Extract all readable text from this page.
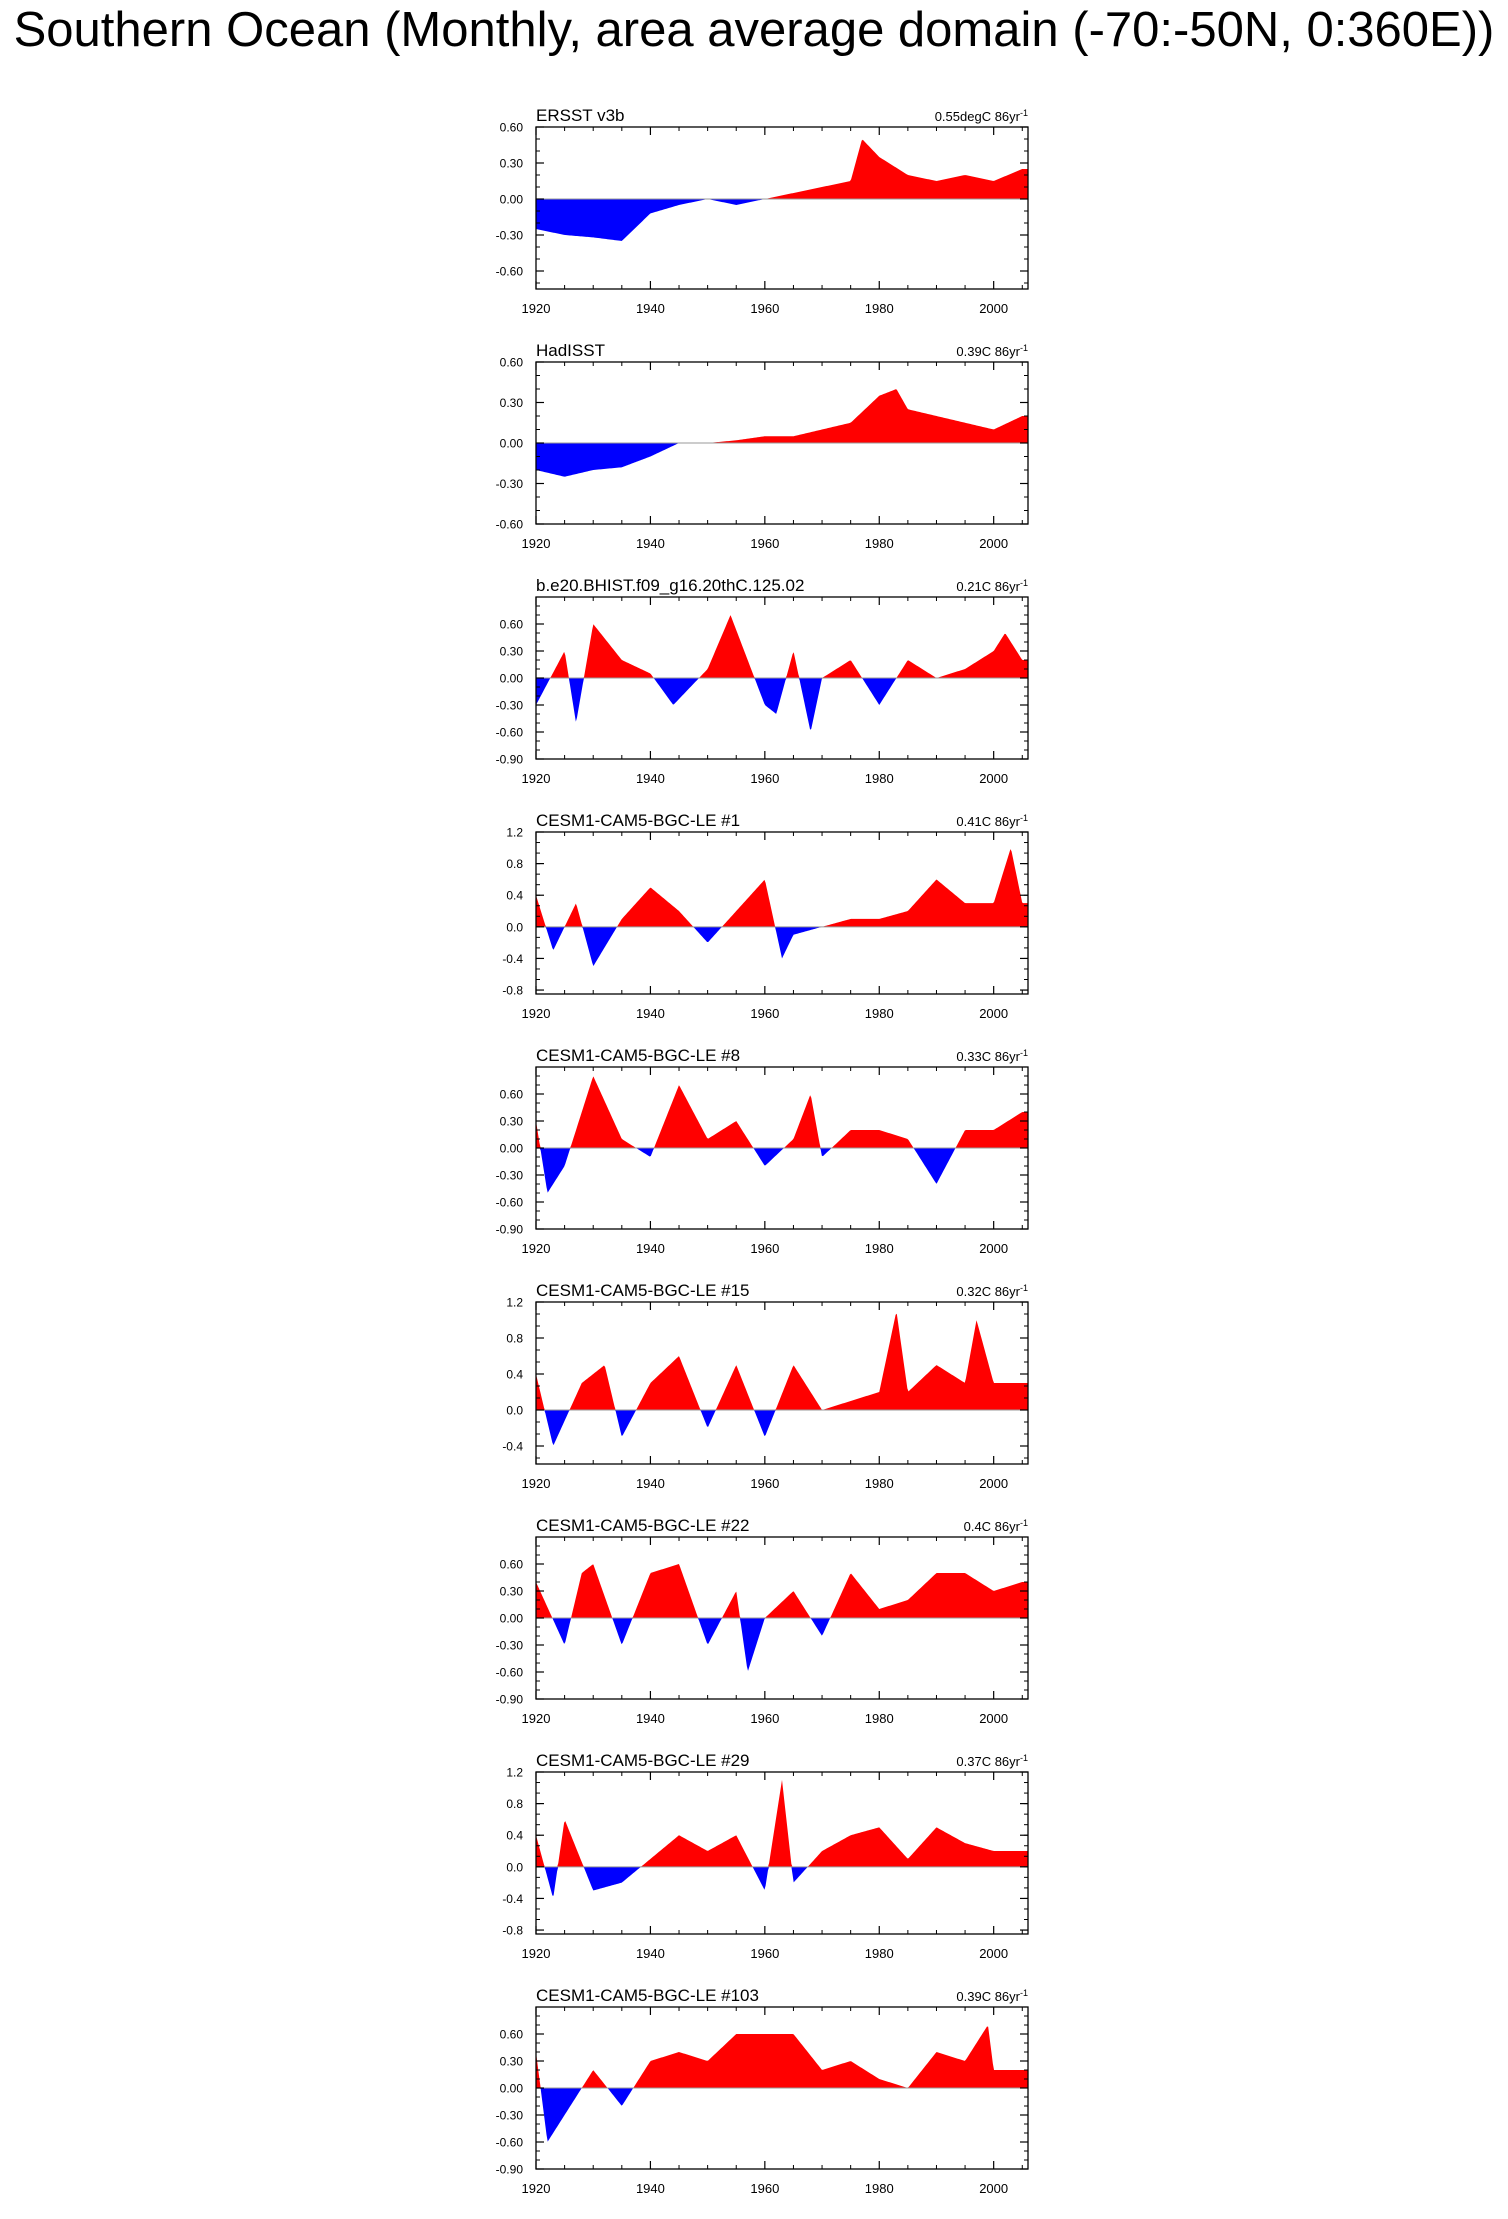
Southern Ocean (Monthly, area average domain (-70:-50N, 0:360E))
ERSST v3b	0.55degC $86yr^{-1}$
1920	1940	1960	1980	2000
0.60
0.30
0.00
-0.30
-0.60
HadISST	0.39C $86yr^{-1}$
1920	1940	1960	1980	2000
0.60
0.30
0.00
-0.30
-0.60
b.e20.BHIST.f09_g16.20thC.125.02	0.21C $86yr^{-1}$
1920	1940	1960	1980	2000
0.60
0.30
0.00
-0.30
-0.60
-0.90
CESM1-CAM5-BGC-LE #1	0.41C $86yr^{-1}$
1920	1940	1960	1980	2000
1.2
0.8
0.4
0.0
-0.4
-0.8
CESM1-CAM5-BGC-LE #8	0.33C $86yr^{-1}$
1920	1940	1960	1980	2000
0.60
0.30
0.00
-0.30
-0.60
-0.90
CESM1-CAM5-BGC-LE #15	0.32C $86yr^{-1}$
1920	1940	1960	1980	2000
1.2
0.8
0.4
0.0
-0.4
CESM1-CAM5-BGC-LE #22	0.4C $86yr^{-1}$
1920	1940	1960	1980	2000
0.60
0.30
0.00
-0.30
-0.60
-0.90
CESM1-CAM5-BGC-LE #29	0.37C $86yr^{-1}$
1920	1940	1960	1980	2000
1.2
0.8
0.4
0.0
-0.4
-0.8
CESM1-CAM5-BGC-LE #103	0.39C $86yr^{-1}$
1920	1940	1960	1980	2000
0.60
0.30
0.00
-0.30
-0.60
-0.90
